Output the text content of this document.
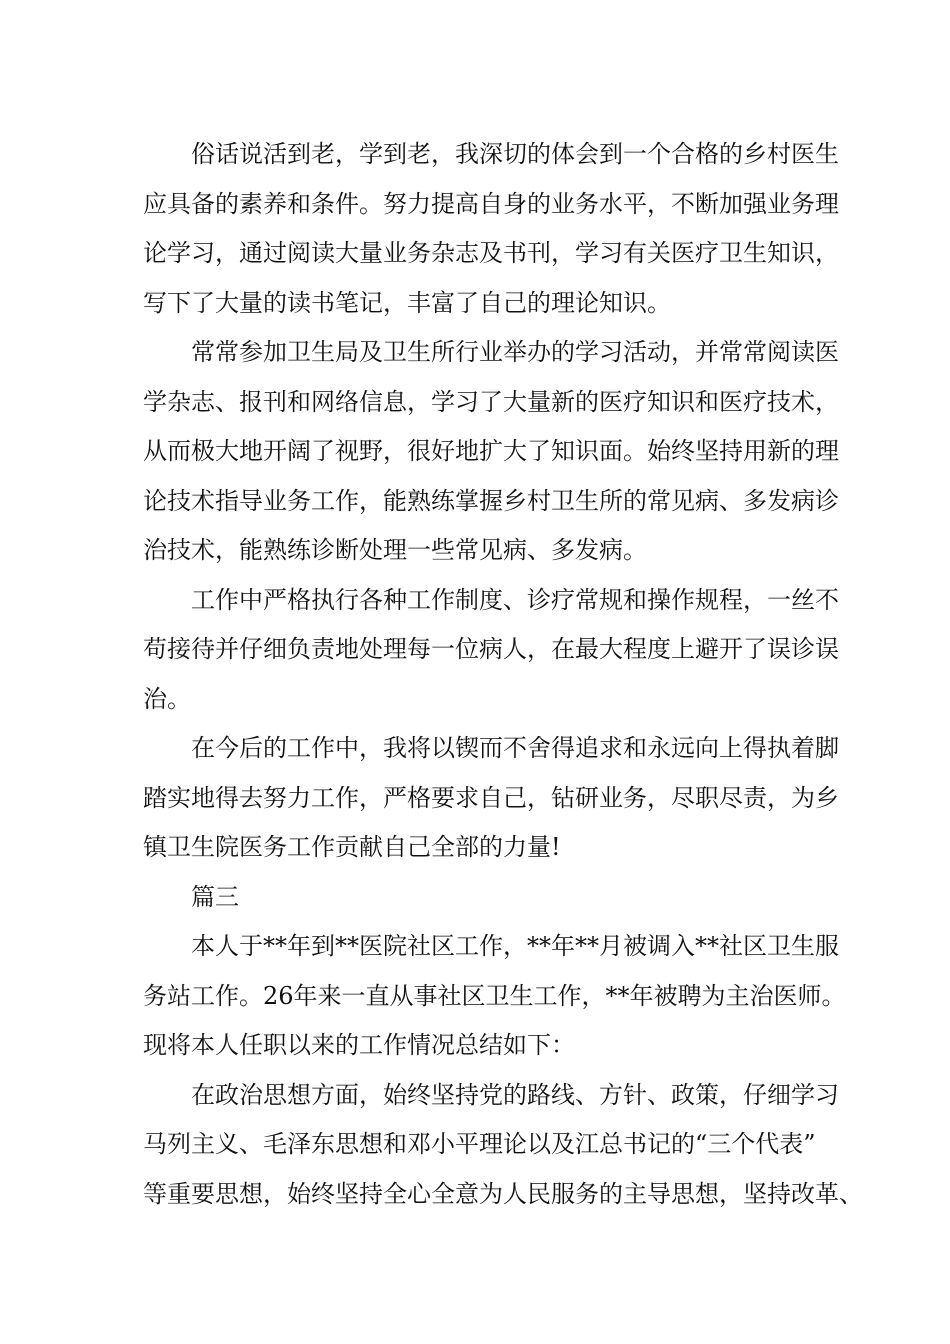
俗话说活到老，学到老，我深切的体会到一个合格的乡村医生
应具备的素养和条件。努力提高自身的业务水平，不断加强业务理
论学习，通过阅读大量业务杂志及书刊，学习有关医疗卫生知识，
写下了大量的读书笔记，丰富了自己的理论知识。
常常参加卫生局及卫生所行业举办的学习活动，并常常阅读医
学杂志、报刊和网络信息，学习了大量新的医疗知识和医疗技术，
从而极大地开阔了视野，很好地扩大了知识面。始终坚持用新的理
论技术指导业务工作，能熟练掌握乡村卫生所的常见病、多发病诊
治技术，能熟练诊断处理一些常见病、多发病。
工作中严格执行各种工作制度、诊疗常规和操作规程，一丝不
苟接待并仔细负责地处理每一位病人，在最大程度上避开了误诊误
治。
在今后的工作中，我将以锲而不舍得追求和永远向上得执着脚
踏实地得去努力工作，严格要求自己，钻研业务，尽职尽责，为乡
镇卫生院医务工作贡献自己全部的力量!
篇三
本人于**年到**医院社区工作，**年**月被调入**社区卫生服
务站工作。26年来一直从事社区卫生工作，**年被聘为主治医师。
现将本人任职以来的工作情况总结如下：
在政治思想方面，始终坚持党的路线、方针、政策，仔细学习
马列主义、毛泽东思想和邓小平理论以及江总书记的“三个代表”
等重要思想，始终坚持全心全意为人民服务的主导思想，坚持改革、
